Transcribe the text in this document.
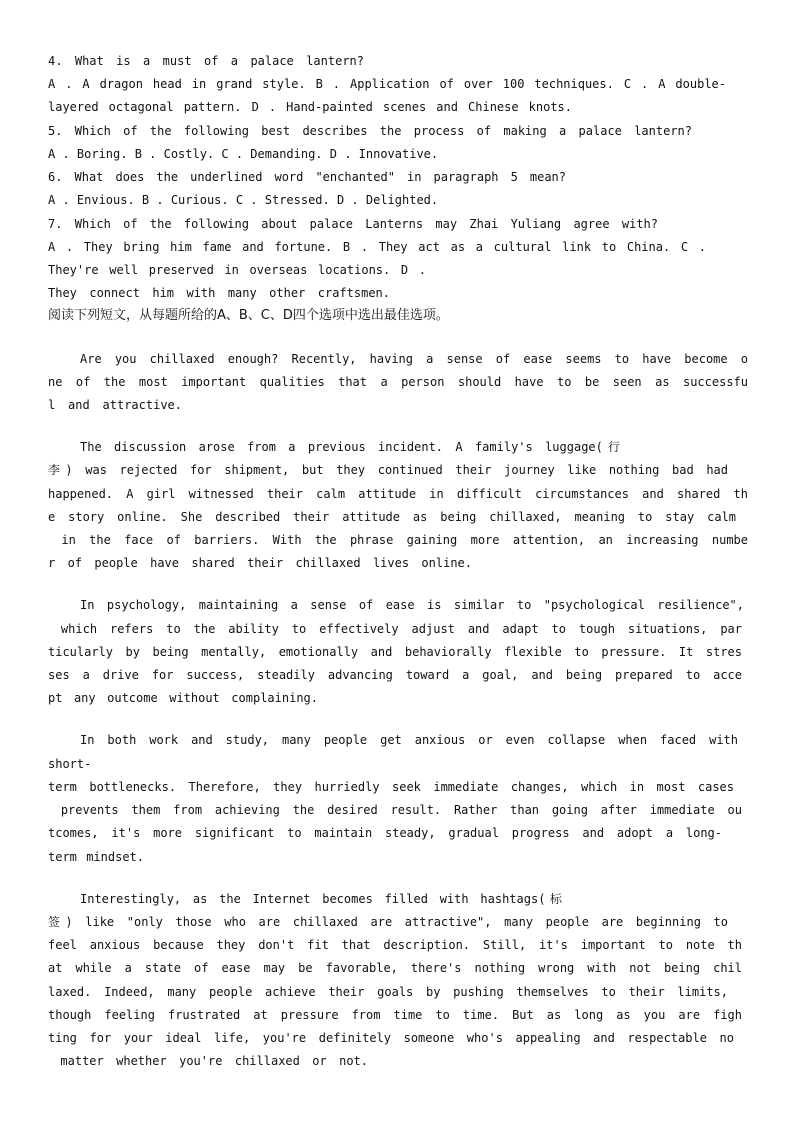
4. What is a must of a palace lantern?
A . A dragon head in grand style. B . Application of over 100 techniques. C . A double-
layered octagonal pattern. D . Hand-painted scenes and Chinese knots.
5. Which of the following best describes the process of making a palace lantern?
A . Boring. B . Costly. C . Demanding. D . Innovative.
6. What does the underlined word "enchanted" in paragraph 5 mean?
A . Envious. B . Curious. C . Stressed. D . Delighted.
7. Which of the following about palace Lanterns may Zhai Yuliang agree with?
A . They bring him fame and fortune. B . They act as a cultural link to China. C .
They're well preserved in overseas locations. D .
They connect him with many other craftsmen.
阅读下列短文，从每题所给的A、B、C、D四个选项中选出最佳选项。
Are you chillaxed enough? Recently, having a sense of ease seems to have become o
ne of the most important qualities that a person should have to be seen as successfu
l and attractive.
The discussion arose from a previous incident. A family's luggage(行
李) was rejected for shipment, but they continued their journey like nothing bad had
happened. A girl witnessed their calm attitude in difficult circumstances and shared th
e story online. She described their attitude as being chillaxed, meaning to stay calm
in the face of barriers. With the phrase gaining more attention, an increasing numbe
r of people have shared their chillaxed lives online.
In psychology, maintaining a sense of ease is similar to "psychological resilience",
which refers to the ability to effectively adjust and adapt to tough situations, par
ticularly by being mentally, emotionally and behaviorally flexible to pressure. It stres
ses a drive for success, steadily advancing toward a goal, and being prepared to acce
pt any outcome without complaining.
In both work and study, many people get anxious or even collapse when faced with
short-
term bottlenecks. Therefore, they hurriedly seek immediate changes, which in most cases
prevents them from achieving the desired result. Rather than going after immediate ou
tcomes, it's more significant to maintain steady, gradual progress and adopt a long-
term mindset.
Interestingly, as the Internet becomes filled with hashtags(标
签) like "only those who are chillaxed are attractive", many people are beginning to
feel anxious because they don't fit that description. Still, it's important to note th
at while a state of ease may be favorable, there's nothing wrong with not being chil
laxed. Indeed, many people achieve their goals by pushing themselves to their limits,
though feeling frustrated at pressure from time to time. But as long as you are figh
ting for your ideal life, you're definitely someone who's appealing and respectable no
matter whether you're chillaxed or not.
